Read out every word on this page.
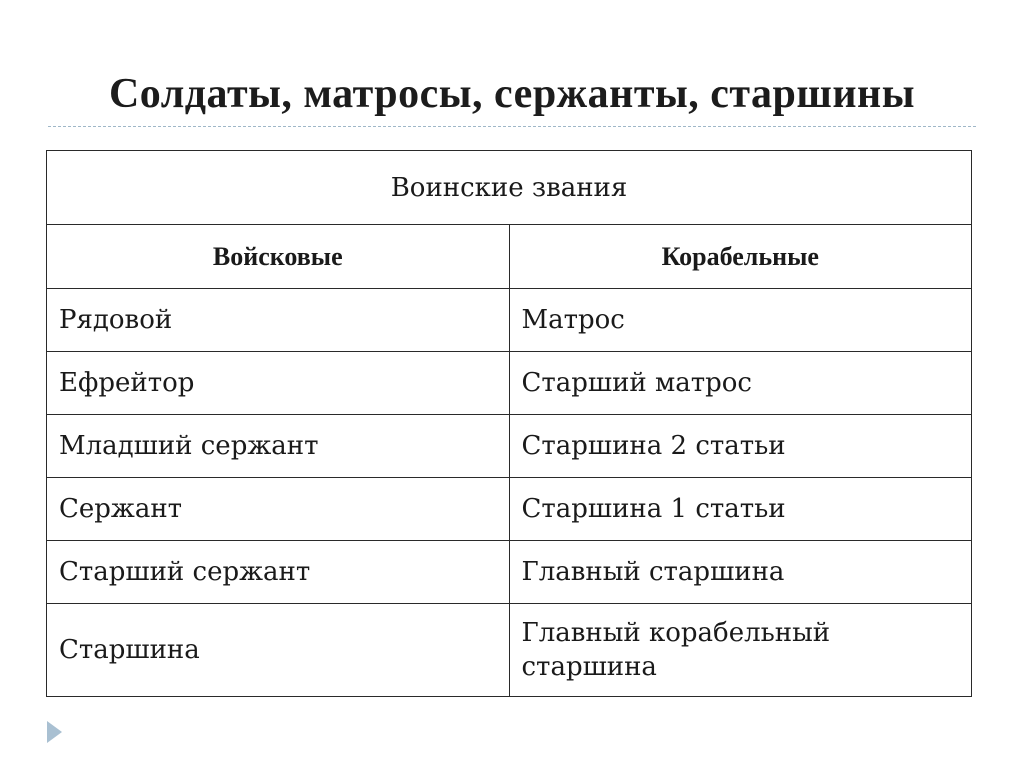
Солдаты, матросы, сержанты, старшины
Воинские звания	
Войсковые	Корабельные
Рядовой	Матрос
Ефрейтор	Старший матрос
Младший сержант	Старшина 2 статьи
Сержант	Старшина 1 статьи
Старший сержант	Главный старшина
Старшина	Главный корабельный старшина
